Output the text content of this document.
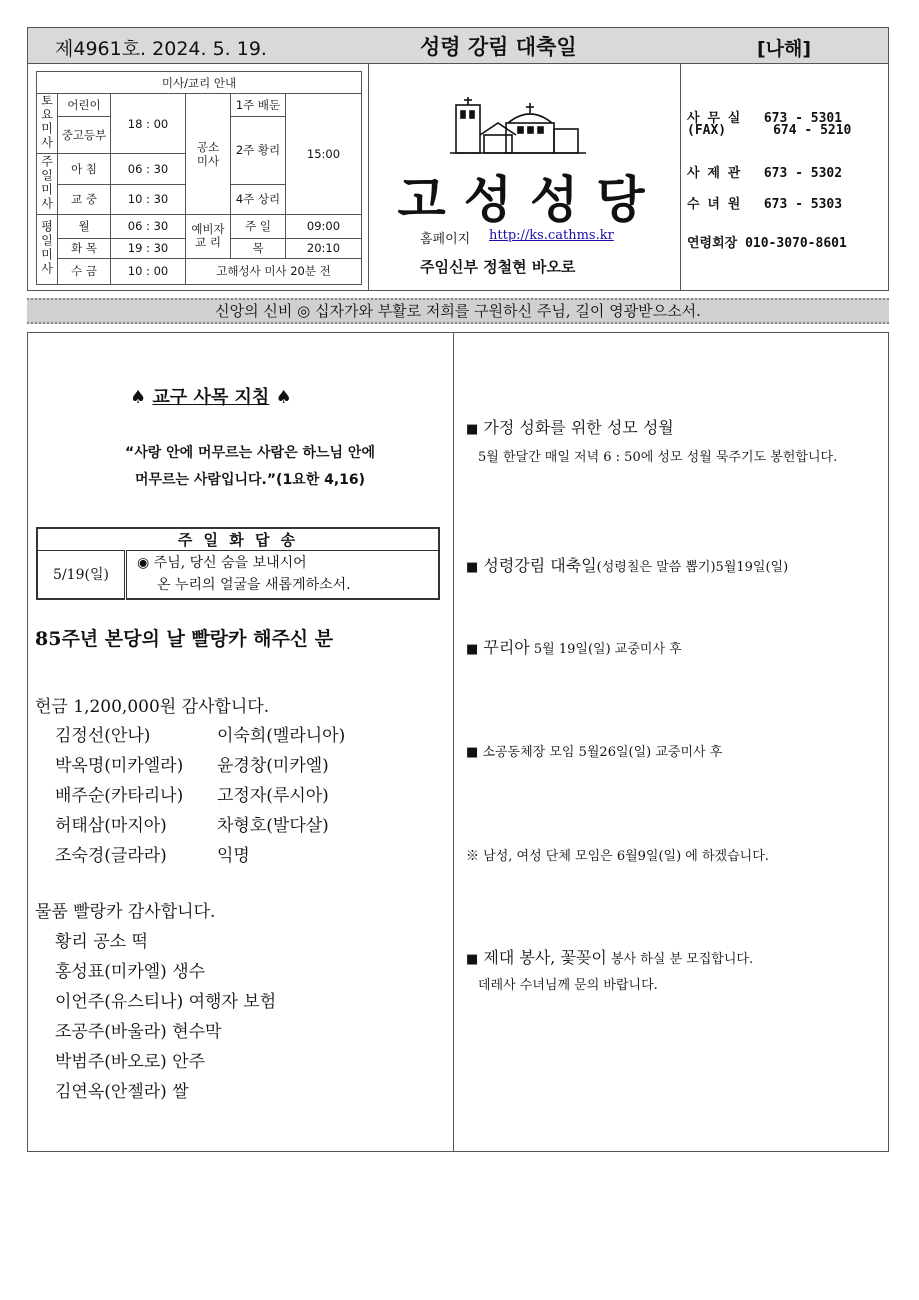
제4961호. 2024. 5. 19.	성령 강림 대축일	[나해]
미사/교리 안내					
토요미사	어린이	18 : 00	공소미사	1주 배둔	15:00
	중고등부			2주 황리	
주일미사	아 침	06 : 30			
	교 중	10 : 30		4주 상리	
평일미사	월	06 : 30	예비자교 리	주 일	09:00
	화 목	19 : 30		목	20:10
	수 금	10 : 00	고해성사 미사 20분 전		
고성성당
홈페이지 http://ks.cathms.kr
주임신부 정철현 바오로
사 무 실 673 - 5301
(FAX)	674 - 5210
사 제 관 673 - 5302
수 녀 원 673 - 5303
연령회장 010-3070-8601
신앙의 신비 ◎ 십자가와 부활로 저희를 구원하신 주님, 길이 영광받으소서.
♠ 교구 사목 지침 ♠
“사랑 안에 머무르는 사람은 하느님 안에
머무르는 사람입니다.”(1요한 4,16)
주 일 화 답 송
5/19(일)	
◉ 주님, 당신 숨을 보내시어
온 누리의 얼굴을 새롭게하소서.
85주년 본당의 날 빨랑카 해주신 분
헌금 1,200,000원 감사합니다.
김정선(안나)	이숙희(멜라니아)
박옥명(미카엘라) 윤경창(미카엘)
배주순(카타리나) 고정자(루시아)
허태삼(마지아)	차형호(발다살)
조숙경(글라라)	익명
물품 빨랑카 감사합니다.
황리 공소 떡
홍성표(미카엘) 생수
이언주(유스티나) 여행자 보험
조공주(바울라) 현수막
박범주(바오로) 안주
김연옥(안젤라) 쌀
■ 가정 성화를 위한 성모 성월
5월 한달간 매일 저녁 6 : 50에 성모 성월 묵주기도 봉헌합니다.
■ 성령강림 대축일(성령칠은 말씀 뽑기)5월19일(일)
■ 꾸리아 5월 19일(일) 교중미사 후
■ 소공동체장 모임 5월26일(일) 교중미사 후
※ 남성, 여성 단체 모임은 6월9일(일) 에 하겠습니다.
■ 제대 봉사, 꽃꽂이 봉사 하실 분 모집합니다.
데레사 수녀님께 문의 바랍니다.
